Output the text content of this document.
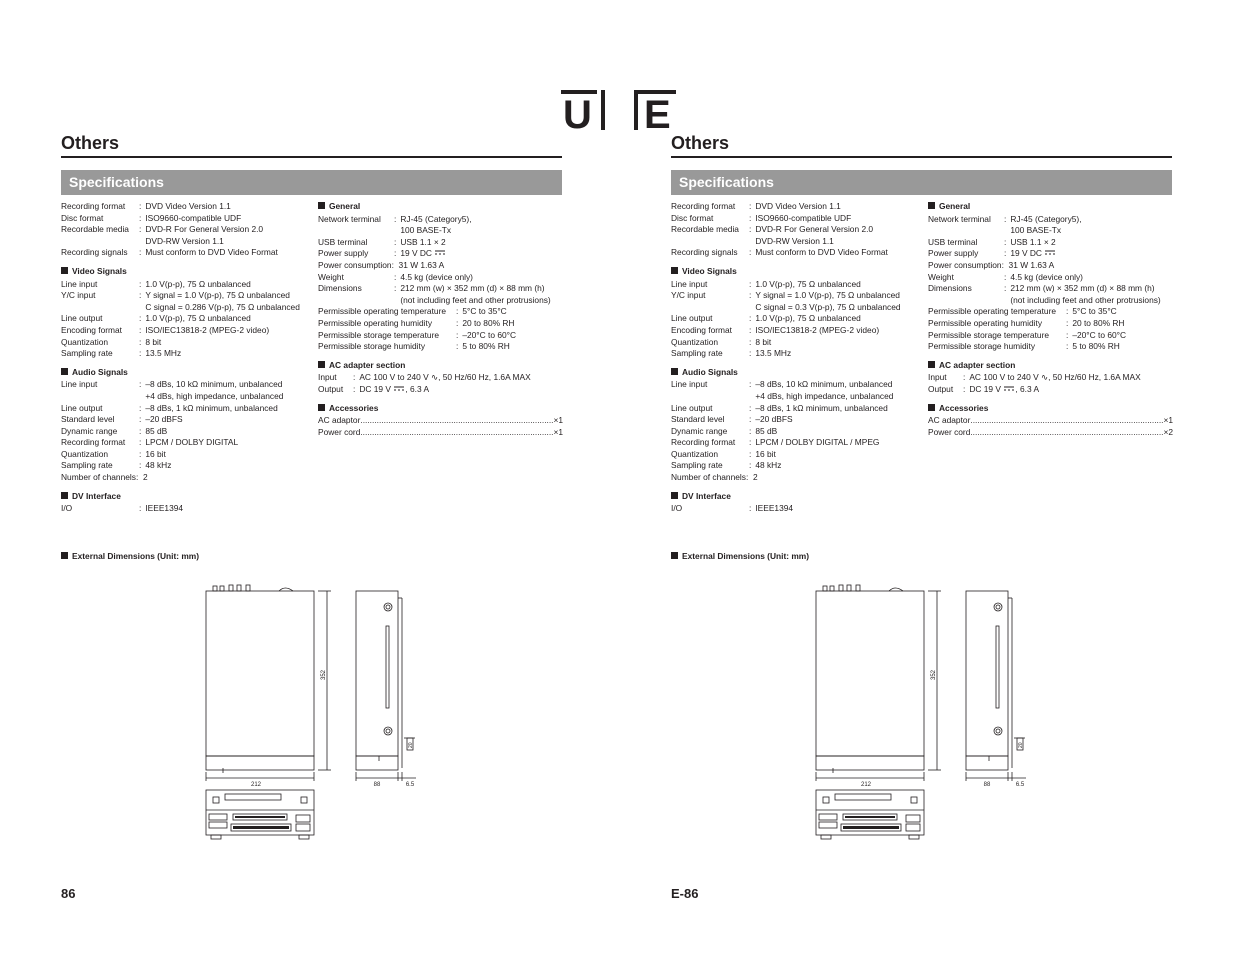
U E
Others
Specifications
Recording format	: DVD Video Version 1.1
Disc format	: ISO9660-compatible UDF
Recordable media	: DVD-R For General Version 2.0
DVD-RW Version 1.1
Recording signals	: Must conform to DVD Video Format
Video Signals
Line input	: 1.0 V(p-p), 75 Ω unbalanced
Y/C input	: Y signal = 1.0 V(p-p), 75 Ω unbalanced
C signal = 0.286 V(p-p), 75 Ω unbalanced
Line output	: 1.0 V(p-p), 75 Ω unbalanced
Encoding format	: ISO/IEC13818-2 (MPEG-2 video)
Quantization	: 8 bit
Sampling rate	: 13.5 MHz
Audio Signals
Line input	: –8 dBs, 10 kΩ minimum, unbalanced
+4 dBs, high impedance, unbalanced
Line output	: –8 dBs, 1 kΩ minimum, unbalanced
Standard level	: –20 dBFS
Dynamic range	: 85 dB
Recording format	: LPCM / DOLBY DIGITAL
Quantization	: 16 bit
Sampling rate	: 48 kHz
Number of channels:  2
DV Interface
I/O	: IEEE1394
General
Network terminal	: RJ-45 (Category5),
100 BASE-Tx
USB terminal	: USB 1.1 × 2
Power supply	: 19 V DC
Power consumption:  31 W 1.63 A
Weight	: 4.5 kg (device only)
Dimensions	: 212 mm (w) × 352 mm (d) × 88 mm (h)
(not including feet and other protrusions)
Permissible operating temperature	: 5°C to 35°C
Permissible operating humidity	: 20 to 80% RH
Permissible storage temperature	: –20°C to 60°C
Permissible storage humidity	: 5 to 80% RH
AC adapter section
Input	: AC 100 V to 240 V ∿, 50 Hz/60 Hz, 1.6A MAX
Output	: DC 19 V , 6.3 A
Accessories
AC adaptor .....	×1
Power cord .....	×1
External Dimensions (Unit: mm)
352
212	88	6.5
20
86
Others
Specifications
Recording format	: DVD Video Version 1.1
Disc format	: ISO9660-compatible UDF
Recordable media	: DVD-R For General Version 2.0
DVD-RW Version 1.1
Recording signals	: Must conform to DVD Video Format
Video Signals
Line input	: 1.0 V(p-p), 75 Ω unbalanced
Y/C input	: Y signal = 1.0 V(p-p), 75 Ω unbalanced
C signal = 0.3 V(p-p), 75 Ω unbalanced
Line output	: 1.0 V(p-p), 75 Ω unbalanced
Encoding format	: ISO/IEC13818-2 (MPEG-2 video)
Quantization	: 8 bit
Sampling rate	: 13.5 MHz
Audio Signals
Line input	: –8 dBs, 10 kΩ minimum, unbalanced
+4 dBs, high impedance, unbalanced
Line output	: –8 dBs, 1 kΩ minimum, unbalanced
Standard level	: –20 dBFS
Dynamic range	: 85 dB
Recording format	: LPCM / DOLBY DIGITAL / MPEG
Quantization	: 16 bit
Sampling rate	: 48 kHz
Number of channels:  2
DV Interface
I/O	: IEEE1394
General
Network terminal	: RJ-45 (Category5),
100 BASE-Tx
USB terminal	: USB 1.1 × 2
Power supply	: 19 V DC
Power consumption:  31 W 1.63 A
Weight	: 4.5 kg (device only)
Dimensions	: 212 mm (w) × 352 mm (d) × 88 mm (h)
(not including feet and other protrusions)
Permissible operating temperature	: 5°C to 35°C
Permissible operating humidity	: 20 to 80% RH
Permissible storage temperature	: –20°C to 60°C
Permissible storage humidity	: 5 to 80% RH
AC adapter section
Input	: AC 100 V to 240 V ∿, 50 Hz/60 Hz, 1.6A MAX
Output	: DC 19 V , 6.3 A
Accessories
AC adaptor .....	×1
Power cord .....	×2
External Dimensions (Unit: mm)
352
212	88	6.5
20
E-86
